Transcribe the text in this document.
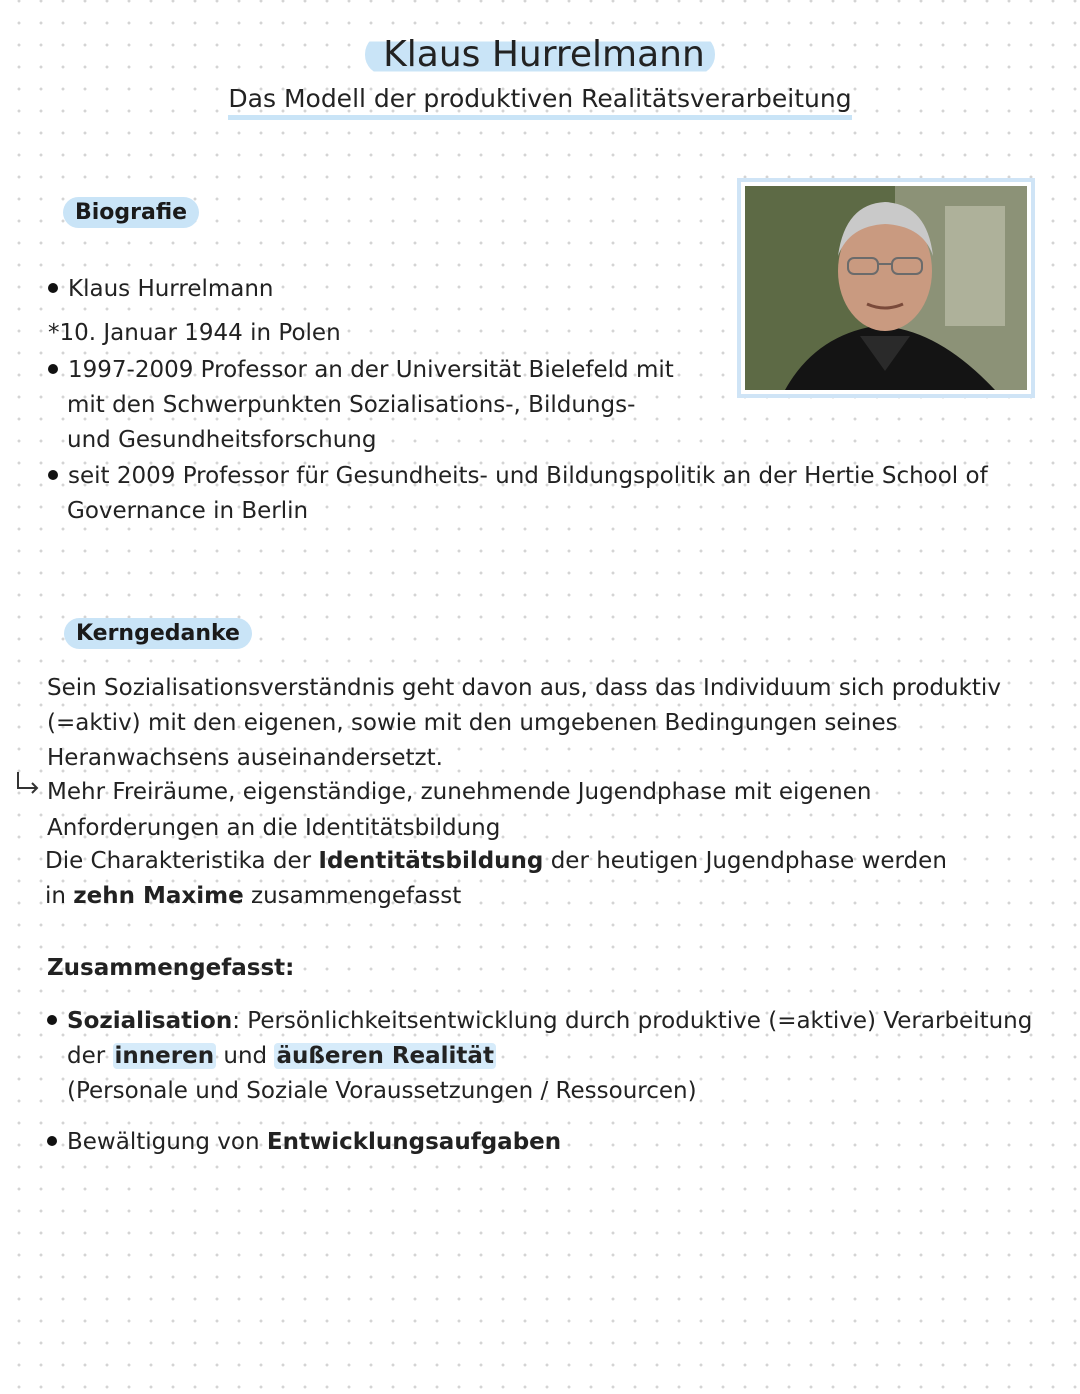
Klaus Hurrelmann
Das Modell der produktiven Realitätsverarbeitung
Biografie
Klaus Hurrelmann
*10. Januar 1944 in Polen
1997-2009 Professor an der Universität Bielefeld mit
mit den Schwerpunkten Sozialisations-, Bildungs-
und Gesundheitsforschung
seit 2009 Professor für Gesundheits- und Bildungspolitik an der Hertie School of
Governance in Berlin
Kerngedanke
Sein Sozialisationsverständnis geht davon aus, dass das Individuum sich produktiv
(=aktiv) mit den eigenen, sowie mit den umgebenen Bedingungen seines
Heranwachsens auseinandersetzt.
Mehr Freiräume, eigenständige, zunehmende Jugendphase mit eigenen
Anforderungen an die Identitätsbildung
Die Charakteristika der Identitätsbildung der heutigen Jugendphase werden
in zehn Maxime zusammengefasst
Zusammengefasst:
Sozialisation: Persönlichkeitsentwicklung durch produktive (=aktive) Verarbeitung
der inneren und äußeren Realität
(Personale und Soziale Voraussetzungen / Ressourcen)
Bewältigung von Entwicklungsaufgaben
